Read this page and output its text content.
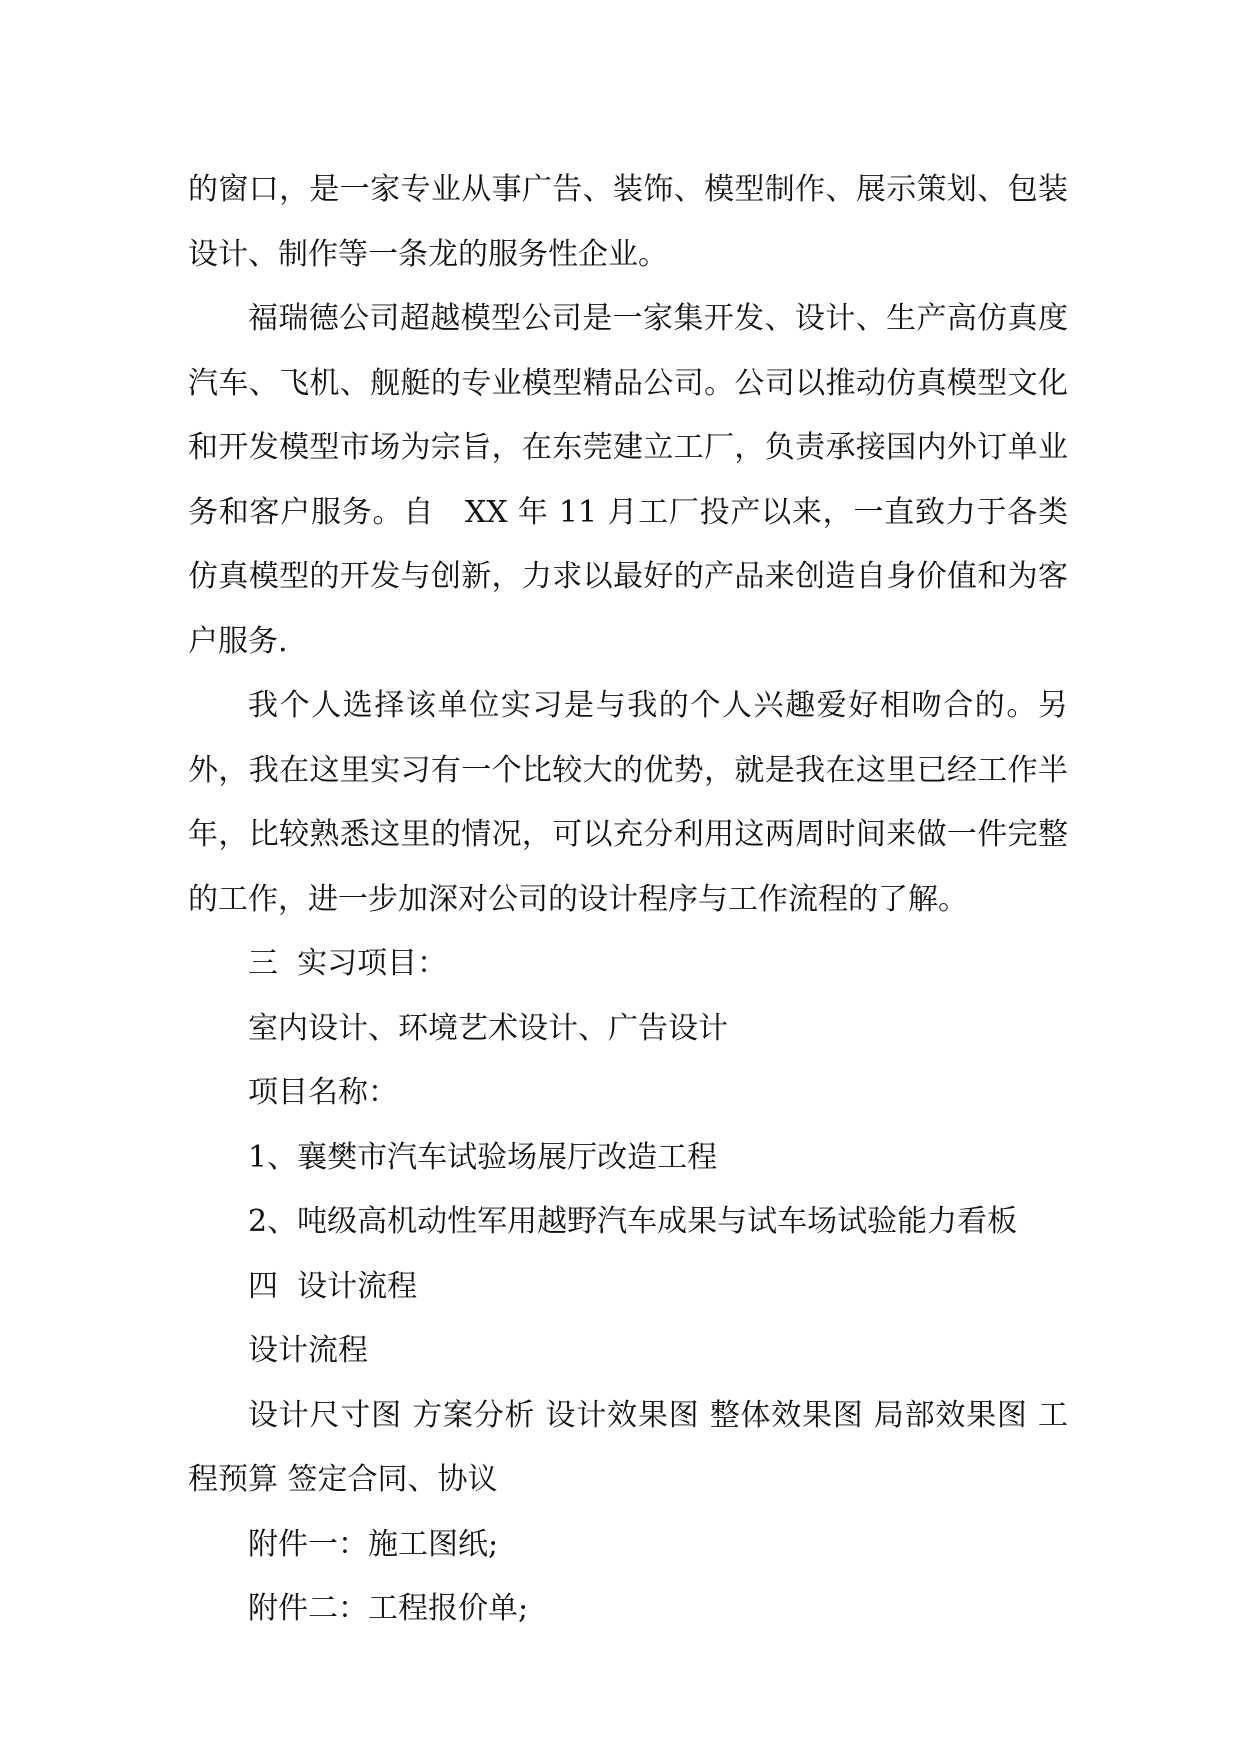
的窗口，是一家专业从事广告、装饰、模型制作、展示策划、包装设计、制作等一条龙的服务性企业。

福瑞德公司超越模型公司是一家集开发、设计、生产高仿真度汽车、飞机、舰艇的专业模型精品公司。公司以推动仿真模型文化和开发模型市场为宗旨，在东莞建立工厂，负责承接国内外订单业务和客户服务。自　XX 年 11 月工厂投产以来，一直致力于各类仿真模型的开发与创新，力求以最好的产品来创造自身价值和为客户服务.

我个人选择该单位实习是与我的个人兴趣爱好相吻合的。另外，我在这里实习有一个比较大的优势，就是我在这里已经工作半年，比较熟悉这里的情况，可以充分利用这两周时间来做一件完整的工作，进一步加深对公司的设计程序与工作流程的了解。

三  实习项目：

室内设计、环境艺术设计、广告设计

项目名称：

1、襄樊市汽车试验场展厅改造工程

2、吨级高机动性军用越野汽车成果与试车场试验能力看板

四  设计流程

设计流程

设计尺寸图 方案分析 设计效果图 整体效果图 局部效果图 工程预算 签定合同、协议

附件一：施工图纸;

附件二：工程报价单;
